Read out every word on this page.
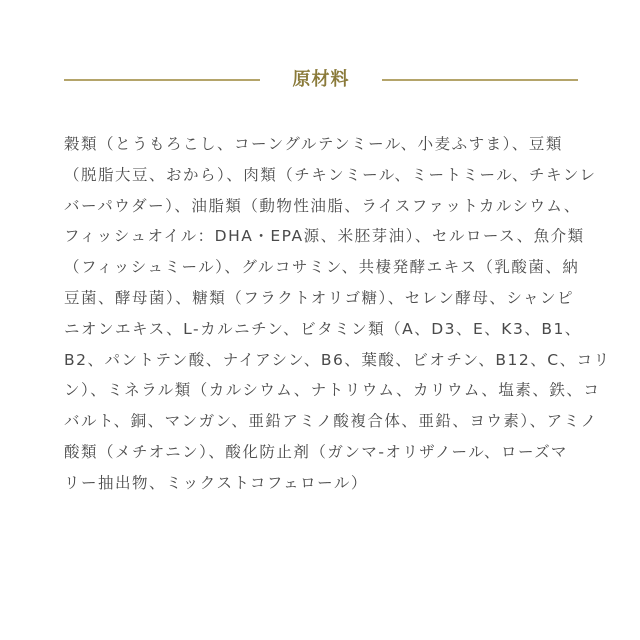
原材料

穀類（とうもろこし、コーングルテンミール、小麦ふすま）、豆類
（脱脂大豆、おから）、肉類（チキンミール、ミートミール、チキンレ
バーパウダー）、油脂類（動物性油脂、ライスファットカルシウム、
フィッシュオイル：DHA・EPA源、米胚芽油）、セルロース、魚介類
（フィッシュミール）、グルコサミン、共棲発酵エキス（乳酸菌、納
豆菌、酵母菌）、糖類（フラクトオリゴ糖）、セレン酵母、シャンピ
ニオンエキス、L-カルニチン、ビタミン類（A、D3、E、K3、B1、
B2、パントテン酸、ナイアシン、B6、葉酸、ビオチン、B12、C、コリ
ン）、ミネラル類（カルシウム、ナトリウム、カリウム、塩素、鉄、コ
バルト、銅、マンガン、亜鉛アミノ酸複合体、亜鉛、ヨウ素）、アミノ
酸類（メチオニン）、酸化防止剤（ガンマ-オリザノール、ローズマ
リー抽出物、ミックストコフェロール）
